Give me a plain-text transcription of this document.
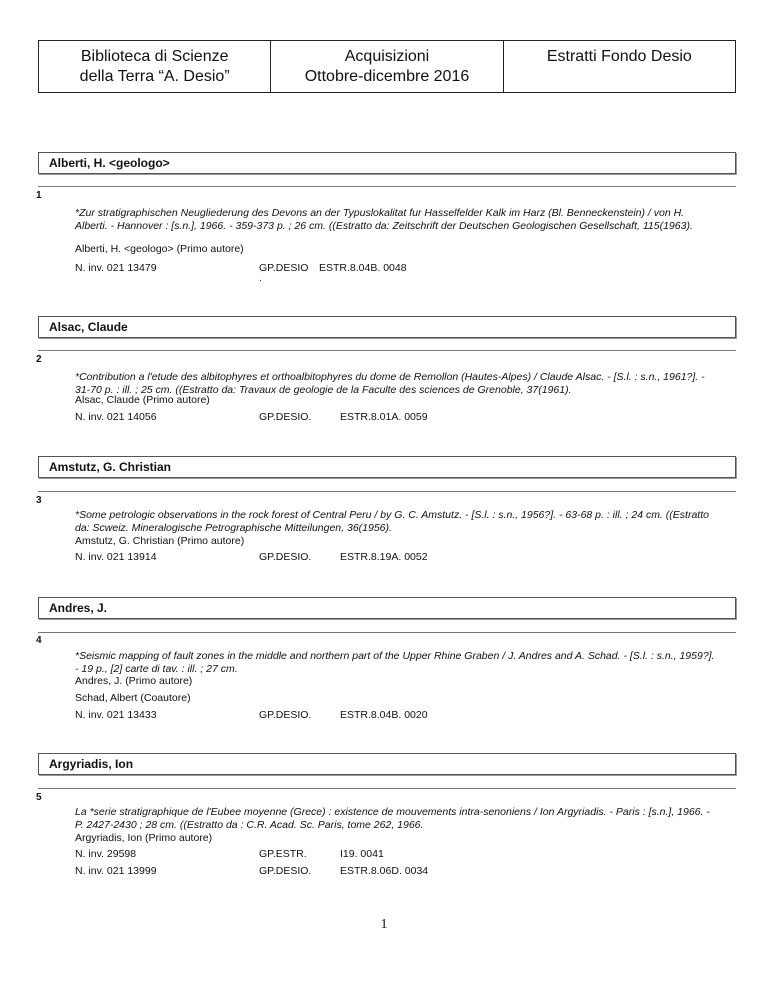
Biblioteca di Scienze
della Terra “A. Desio”
Acquisizioni
Ottobre-dicembre 2016
Estratti Fondo Desio
Alberti, H. <geologo>
1
*Zur stratigraphischen Neugliederung des Devons an der Typuslokalitat fur Hasselfelder Kalk im Harz (Bl. Benneckenstein) / von H. Alberti. - Hannover : [s.n.], 1966. - 359-373 p. ; 26 cm. ((Estratto da: Zeitschrift der Deutschen Geologischen Gesellschaft, 115(1963).
Alberti, H. <geologo> (Primo autore)
N. inv. 021 13479	GP.DESIO ESTR.8.04B. 0048
.
Alsac, Claude
2
*Contribution a l'etude des albitophyres et orthoalbitophyres du dome de Remollon (Hautes-Alpes) / Claude Alsac. - [S.l. : s.n., 1961?]. - 31-70 p. : ill. ; 25 cm. ((Estratto da: Travaux de geologie de la Faculte des sciences de Grenoble, 37(1961).
Alsac, Claude (Primo autore)
N. inv. 021 14056	GP.DESIO.	ESTR.8.01A. 0059
Amstutz, G. Christian
3
*Some petrologic observations in the rock forest of Central Peru / by G. C. Amstutz. - [S.l. : s.n., 1956?]. - 63-68 p. : ill. ; 24 cm. ((Estratto da: Scweiz. Mineralogische Petrographische Mitteilungen, 36(1956).
Amstutz, G. Christian (Primo autore)
N. inv. 021 13914	GP.DESIO.	ESTR.8.19A. 0052
Andres, J.
4
*Seismic mapping of fault zones in the middle and northern part of the Upper Rhine Graben / J. Andres and A. Schad. - [S.l. : s.n., 1959?]. - 19 p., [2] carte di tav. : ill. ; 27 cm.
Andres, J. (Primo autore)
Schad, Albert (Coautore)
N. inv. 021 13433	GP.DESIO.	ESTR.8.04B. 0020
Argyriadis, Ion
5
La *serie stratigraphique de l'Eubee moyenne (Grece) : existence de mouvements intra-senoniens / Ion Argyriadis. - Paris : [s.n.], 1966. - P. 2427-2430 ; 28 cm. ((Estratto da : C.R. Acad. Sc. Paris, tome 262, 1966.
Argyriadis, Ion (Primo autore)
N. inv. 29598	GP.ESTR.	I19. 0041
N. inv. 021 13999	GP.DESIO.	ESTR.8.06D. 0034
1
